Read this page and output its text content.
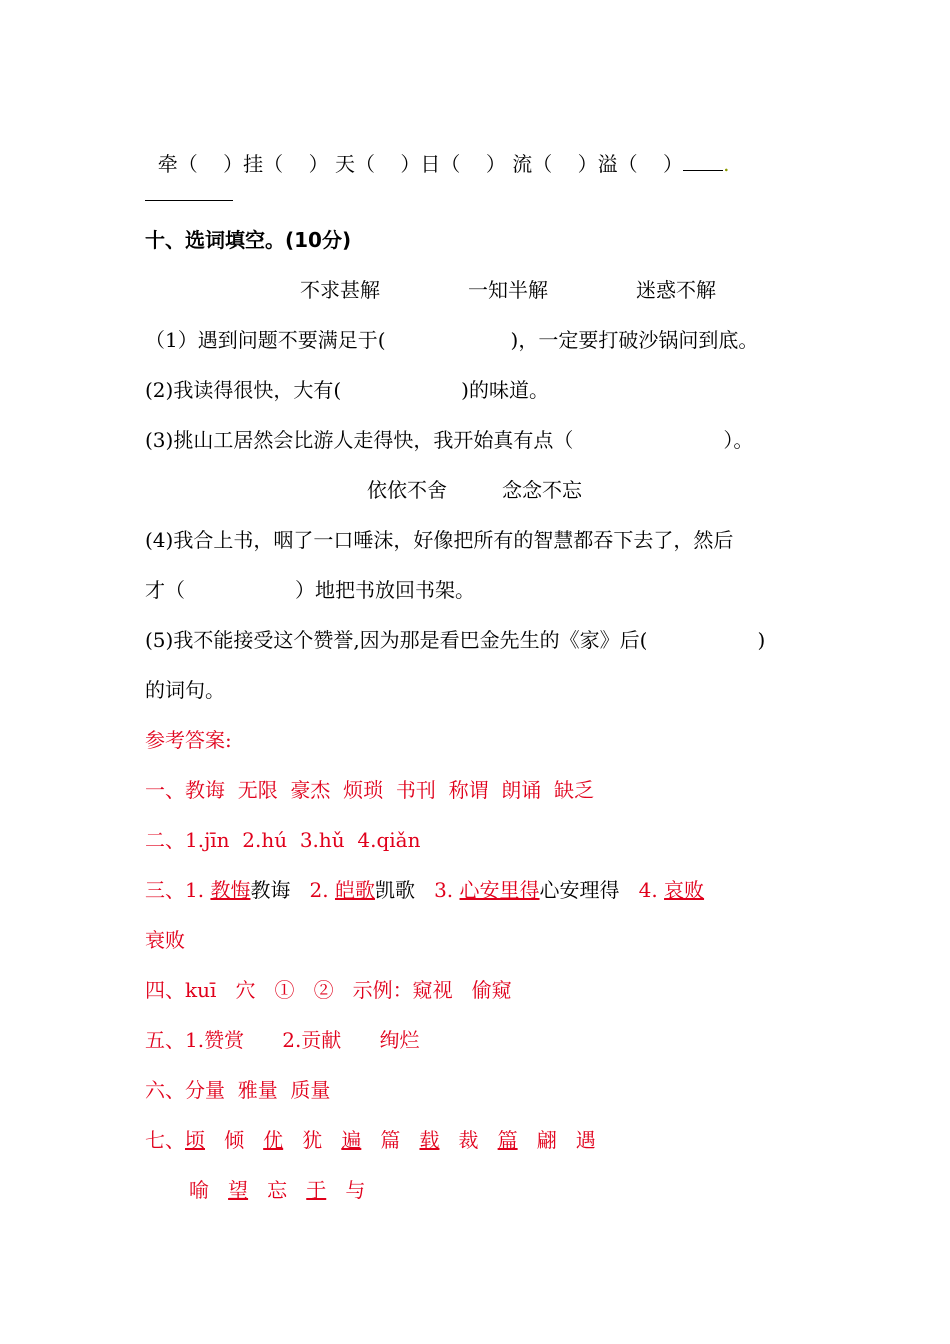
牵（    ）挂（    ） 天（    ）日（    ） 流（    ）溢（    ） .

十、选词填空。(10分)
不求甚解	一知半解	迷惑不解
（1）遇到问题不要满足于(	)，一定要打破沙锅问到底。
(2)我读得很快，大有(	)的味道。
(3)挑山工居然会比游人走得快，我开始真有点（	）。
依依不舍	念念不忘
(4)我合上书，咽了一口唾沫，好像把所有的智慧都吞下去了，然后
才（	）地把书放回书架。
(5)我不能接受这个赞誉,因为那是看巴金先生的《家》后(	)
的词句。
参考答案:
一、教诲  无限  豪杰  烦琐  书刊  称谓  朗诵  缺乏
二、1.jīn  2.hú  3.hǔ  4.qiǎn
三、1. 教悔教诲 2. 皑歌凯歌 3. 心安里得心安理得 4. 哀败
衰败
四、kuī   穴   ①   ②   示例：窥视   偷窥
五、1.赞赏      2.贡献      绚烂
六、分量  雅量  质量
七、顷 倾 优 犹 遍 篇 载 裁 篇 翩 遇
喻 望 忘 于 与
